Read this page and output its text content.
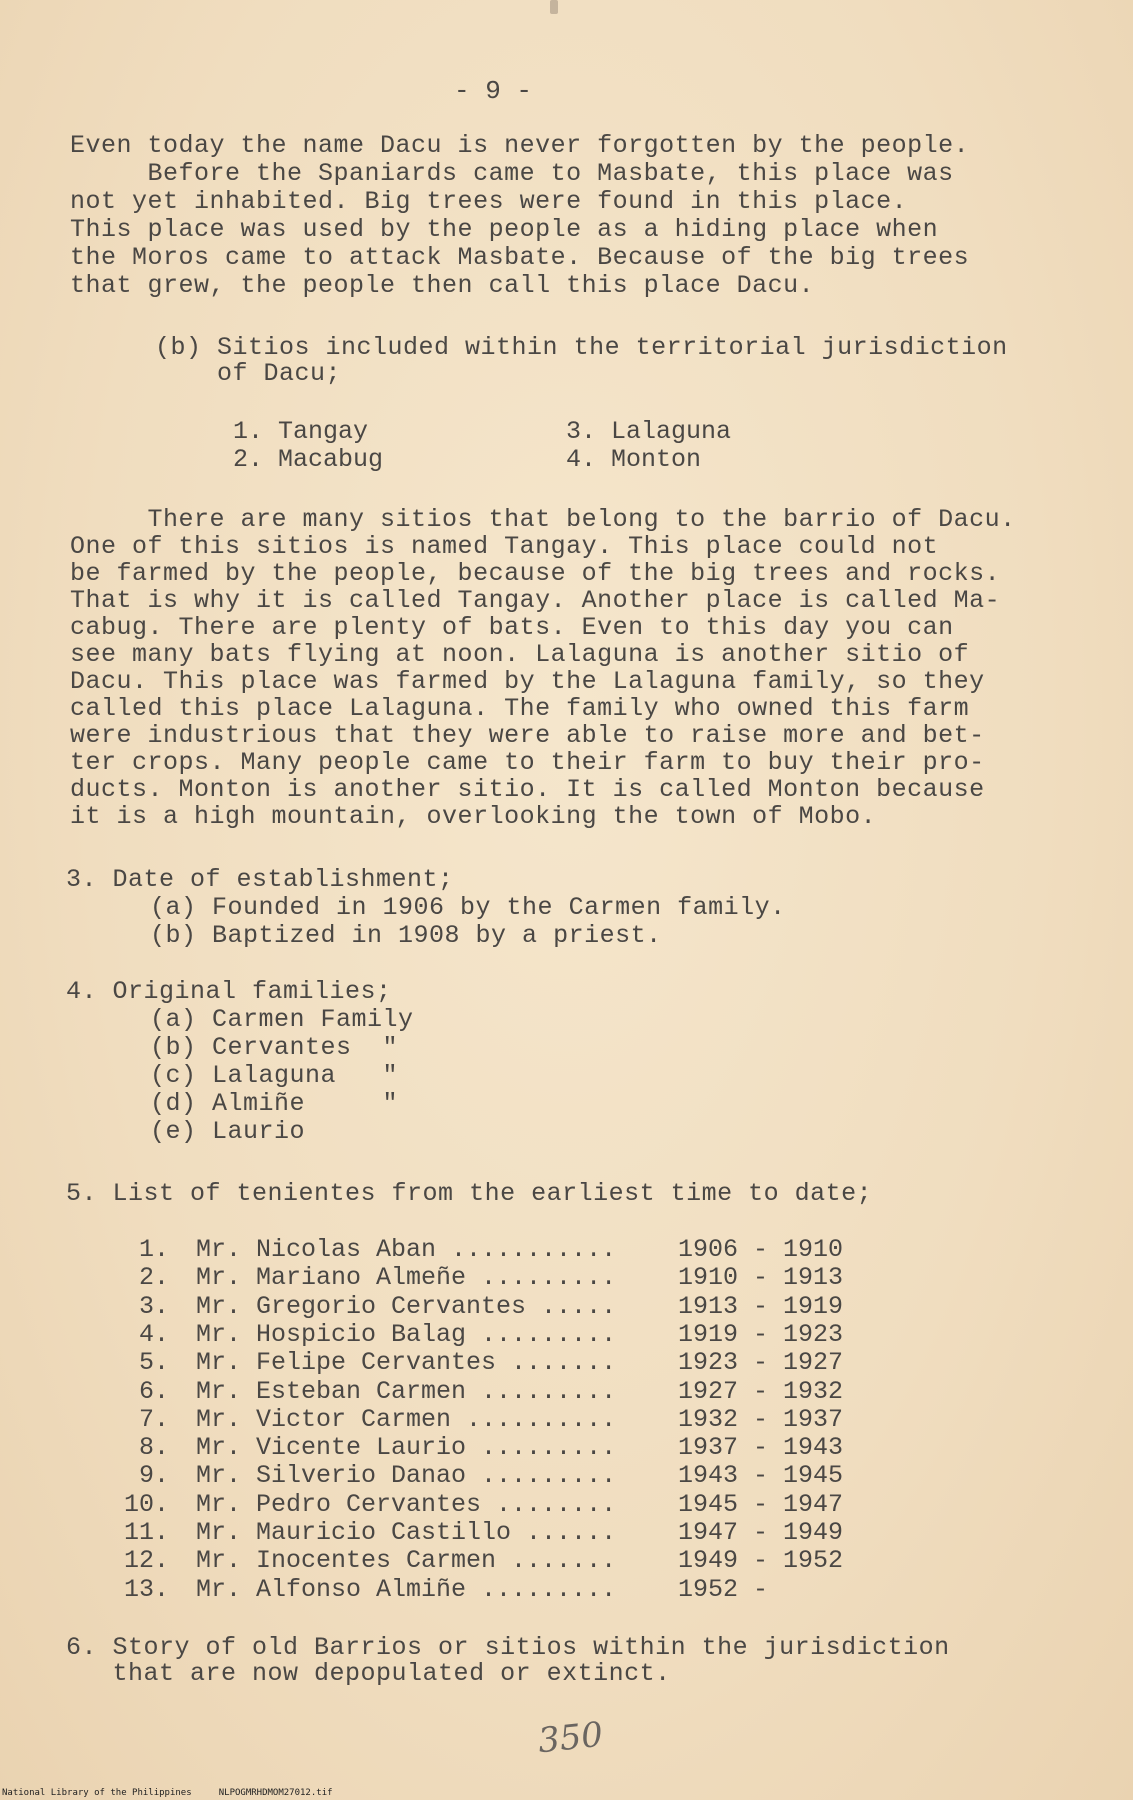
- 9 -
Even today the name Dacu is never forgotten by the people.
Before the Spaniards came to Masbate, this place was
not yet inhabited. Big trees were found in this place.
This place was used by the people as a hiding place when
the Moros came to attack Masbate. Because of the big trees
that grew, the people then call this place Dacu.
(b) Sitios included within the territorial jurisdiction
of Dacu;
1. Tangay
2. Macabug
3. Lalaguna
4. Monton
There are many sitios that belong to the barrio of Dacu.
One of this sitios is named Tangay. This place could not
be farmed by the people, because of the big trees and rocks.
That is why it is called Tangay. Another place is called Ma-
cabug. There are plenty of bats. Even to this day you can
see many bats flying at noon. Lalaguna is another sitio of
Dacu. This place was farmed by the Lalaguna family, so they
called this place Lalaguna. The family who owned this farm
were industrious that they were able to raise more and bet-
ter crops. Many people came to their farm to buy their pro-
ducts. Monton is another sitio. It is called Monton because
it is a high mountain, overlooking the town of Mobo.
3. Date of establishment;
(a) Founded in 1906 by the Carmen family.
(b) Baptized in 1908 by a priest.
4. Original families;
(a) Carmen Family
(b) Cervantes  "
(c) Lalaguna   "
(d) Almiñe     "
(e) Laurio
5. List of tenientes from the earliest time to date;
1. Mr. Nicolas Aban ........... 1906 - 1910
2. Mr. Mariano Almeñe ......... 1910 - 1913
3. Mr. Gregorio Cervantes ..... 1913 - 1919
4. Mr. Hospicio Balag ......... 1919 - 1923
5. Mr. Felipe Cervantes ....... 1923 - 1927
6. Mr. Esteban Carmen ......... 1927 - 1932
7. Mr. Victor Carmen .......... 1932 - 1937
8. Mr. Vicente Laurio ......... 1937 - 1943
9. Mr. Silverio Danao ......... 1943 - 1945
10. Mr. Pedro Cervantes ........ 1945 - 1947
11. Mr. Mauricio Castillo ...... 1947 - 1949
12. Mr. Inocentes Carmen ....... 1949 - 1952
13. Mr. Alfonso Almiñe ......... 1952 -
6. Story of old Barrios or sitios within the jurisdiction
that are now depopulated or extinct.
350
National Library of the Philippines     NLPOGMRHDMOM27012.tif
